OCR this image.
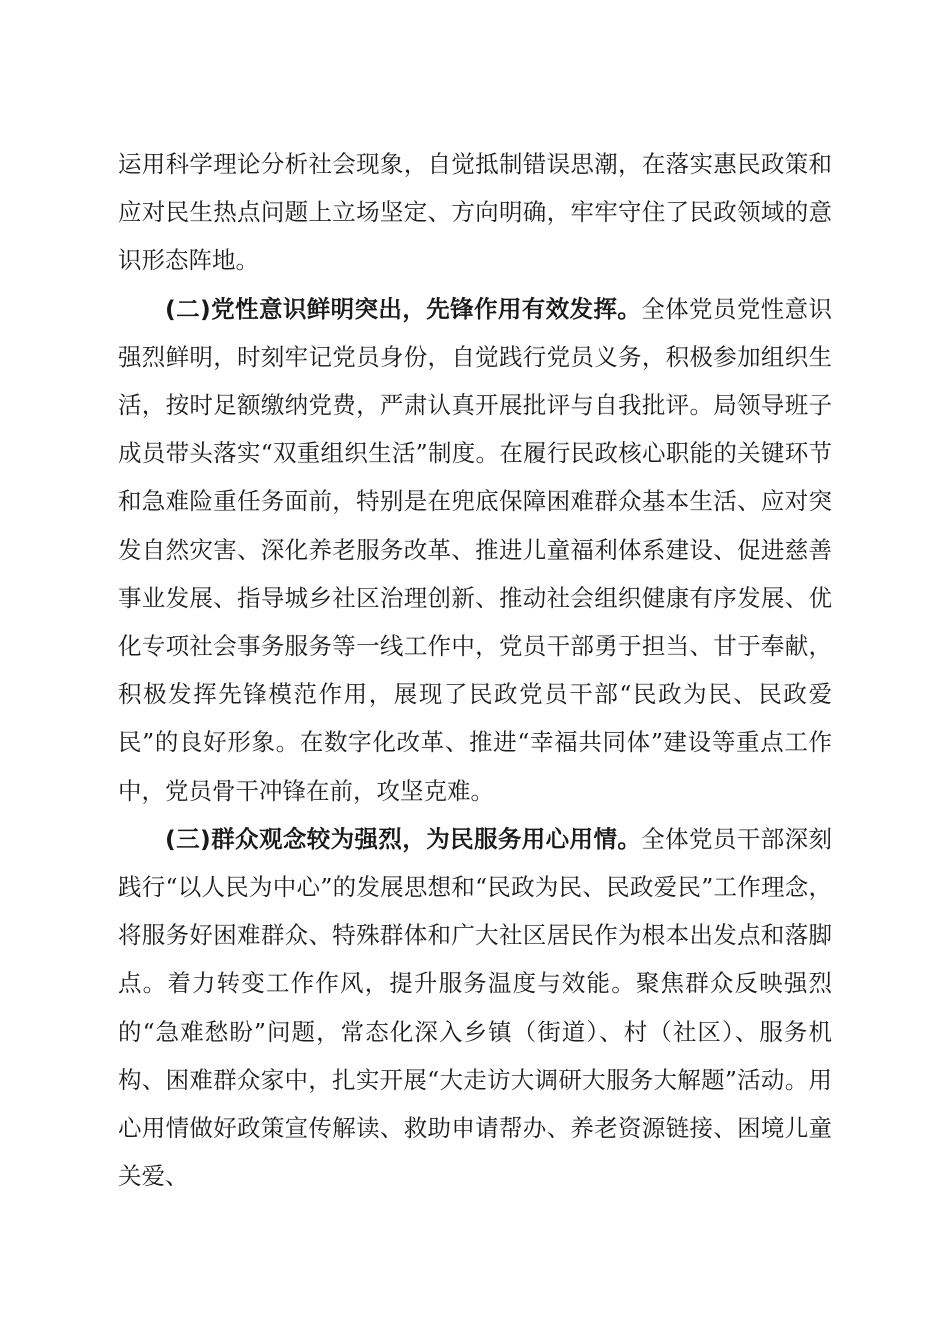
运用科学理论分析社会现象，自觉抵制错误思潮，在落实惠民政策和应对民生热点问题上立场坚定、方向明确，牢牢守住了民政领域的意识形态阵地。

(二)党性意识鲜明突出，先锋作用有效发挥。全体党员党性意识强烈鲜明，时刻牢记党员身份，自觉践行党员义务，积极参加组织生活，按时足额缴纳党费，严肃认真开展批评与自我批评。局领导班子成员带头落实“双重组织生活”制度。在履行民政核心职能的关键环节和急难险重任务面前，特别是在兜底保障困难群众基本生活、应对突发自然灾害、深化养老服务改革、推进儿童福利体系建设、促进慈善事业发展、指导城乡社区治理创新、推动社会组织健康有序发展、优化专项社会事务服务等一线工作中，党员干部勇于担当、甘于奉献，积极发挥先锋模范作用，展现了民政党员干部“民政为民、民政爱民”的良好形象。在数字化改革、推进“幸福共同体”建设等重点工作中，党员骨干冲锋在前，攻坚克难。

(三)群众观念较为强烈，为民服务用心用情。全体党员干部深刻践行“以人民为中心”的发展思想和“民政为民、民政爱民”工作理念，将服务好困难群众、特殊群体和广大社区居民作为根本出发点和落脚点。着力转变工作作风，提升服务温度与效能。聚焦群众反映强烈的“急难愁盼”问题，常态化深入乡镇（街道）、村（社区）、服务机构、困难群众家中，扎实开展“大走访大调研大服务大解题”活动。用心用情做好政策宣传解读、救助申请帮办、养老资源链接、困境儿童关爱、
